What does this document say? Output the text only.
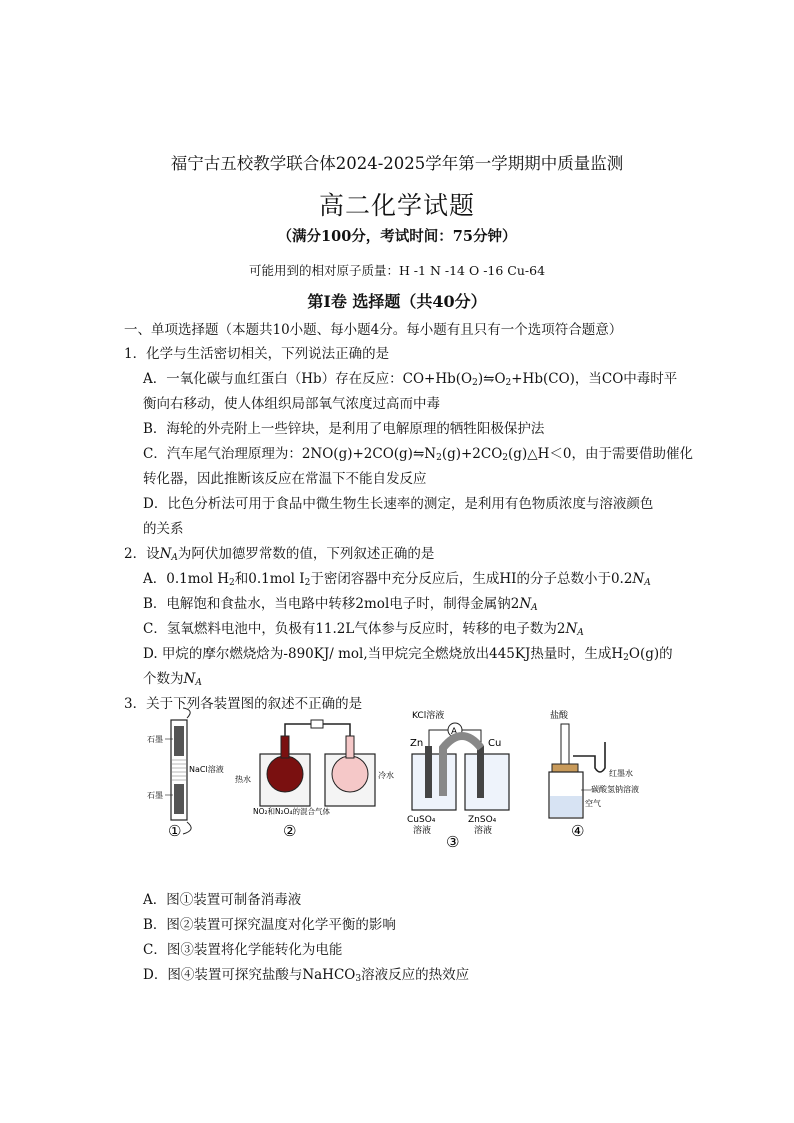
福宁古五校教学联合体2024-2025学年第一学期期中质量监测
高二化学试题
（满分100分，考试时间：75分钟）
可能用到的相对原子质量：H -1 N -14 O -16 Cu-64
第I卷 选择题（共40分）
一、单项选择题（本题共10小题、每小题4分。每小题有且只有一个选项符合题意）
1．化学与生活密切相关，下列说法正确的是
A．一氧化碳与血红蛋白（Hb）存在反应：$CO+Hb(O_2)⇋O_2+Hb(CO)$，当CO中毒时平
衡向右移动，使人体组织局部氧气浓度过高而中毒
B．海轮的外壳附上一些锌块，是利用了电解原理的牺牲阳极保护法
C．汽车尾气治理原理为：$2NO(g)+2CO(g)⇋N_2(g)+2CO_2(g)\triangle H<0$，由于需要借助催化
转化器，因此推断该反应在常温下不能自发反应
D．比色分析法可用于食品中微生物生长速率的测定，是利用有色物质浓度与溶液颜色
的关系
2．设$N_A$为阿伏加德罗常数的值，下列叙述正确的是
A．0.1mol $H_2$和0.1mol $I_2$于密闭容器中充分反应后，生成HI的分子总数小于$0.2N_A$
B．电解饱和食盐水，当电路中转移2mol电子时，制得金属钠$2N_A$
C．氢氧燃料电池中，负极有11.2L气体参与反应时，转移的电子数为$2N_A$
D. 甲烷的摩尔燃烧焓为-890KJ/ mol,当甲烷完全燃烧放出445KJ热量时，生成$H_2O(g)$的
个数为$N_A$
3．关于下列各装置图的叙述不正确的是
石墨
NaCl溶液
石墨
①
热水	冷水
NO₂和N₂O₄的混合气体
②
KCl溶液
A
Zn	Cu
CuSO₄
溶液
ZnSO₄
溶液
③
盐酸
红墨水
碳酸氢钠溶液
空气
④
A．图①装置可制备消毒液
B．图②装置可探究温度对化学平衡的影响
C．图③装置将化学能转化为电能
D．图④装置可探究盐酸与NaHCO$_3$溶液反应的热效应
